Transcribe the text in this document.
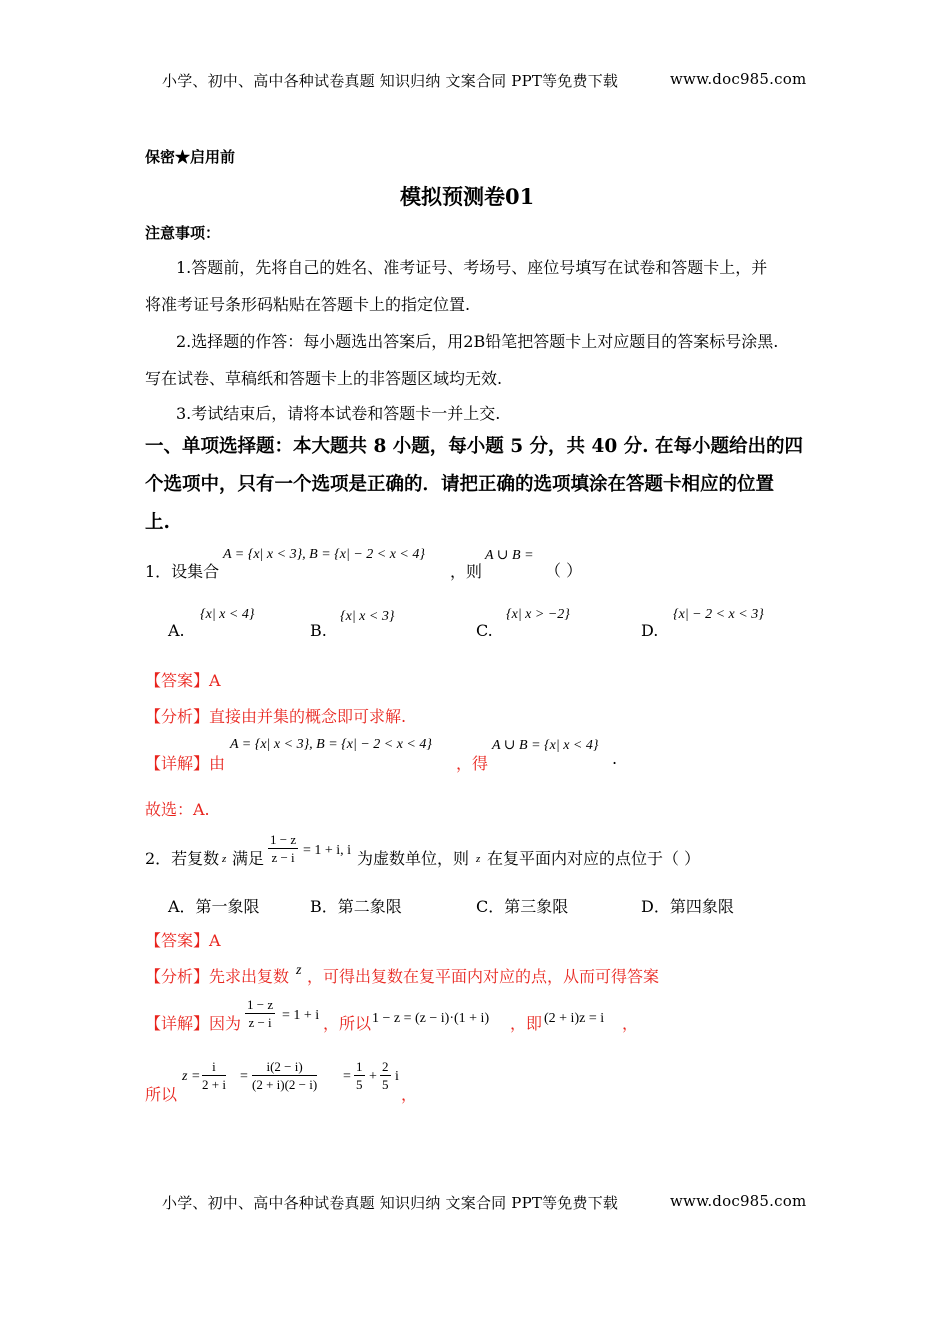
小学、初中、高中各种试卷真题 知识归纳 文案合同 PPT等免费下载	www.doc985.com
保密★启用前
模拟预测卷01
注意事项：
1.答题前，先将自己的姓名、准考证号、考场号、座位号填写在试卷和答题卡上，并
将准考证号条形码粘贴在答题卡上的指定位置.
2.选择题的作答：每小题选出答案后，用2B铅笔把答题卡上对应题目的答案标号涂黑.
写在试卷、草稿纸和答题卡上的非答题区域均无效.
3.考试结束后，请将本试卷和答题卡一并上交.
一、单项选择题：本大题共 8 小题，每小题 5 分，共 40 分. 在每小题给出的四
个选项中，只有一个选项是正确的．请把正确的选项填涂在答题卡相应的位置
上.
1．设集合
A = {x| x < 3}, B = {x| − 2 < x < 4}
，则
A ∪ B =
（ ）
A.
{x| x < 4}
B.
{x| x < 3}
C.
{x| x > −2}
D.
{x| − 2 < x < 3}
【答案】A
【分析】直接由并集的概念即可求解.
【详解】由
A = {x| x < 3}, B = {x| − 2 < x < 4}
，得
A ∪ B = {x| x < 4}
.
故选：A.
2．若复数 z 满足 $\frac{1 - z}{z - i} = 1 + i$, i 为虚数单位，则 z 在复平面内对应的点位于（ ）
A．第一象限	B．第二象限	C．第三象限	D．第四象限
【答案】A
【分析】先求出复数 z ，可得出复数在复平面内对应的点，从而可得答案
【详解】因为 $\frac{1 - z}{z - i} = 1 + i$ ，所以 1 − z = (z − i)·(1 + i) ，即 (2 + i)z = i ，
所以
$z = \frac{i}{2 + i} = \frac{i(2 - i)}{(2 + i)(2 - i)} = \frac{1}{5} + \frac{2}{5}$ i
，
小学、初中、高中各种试卷真题 知识归纳 文案合同 PPT等免费下载	www.doc985.com
